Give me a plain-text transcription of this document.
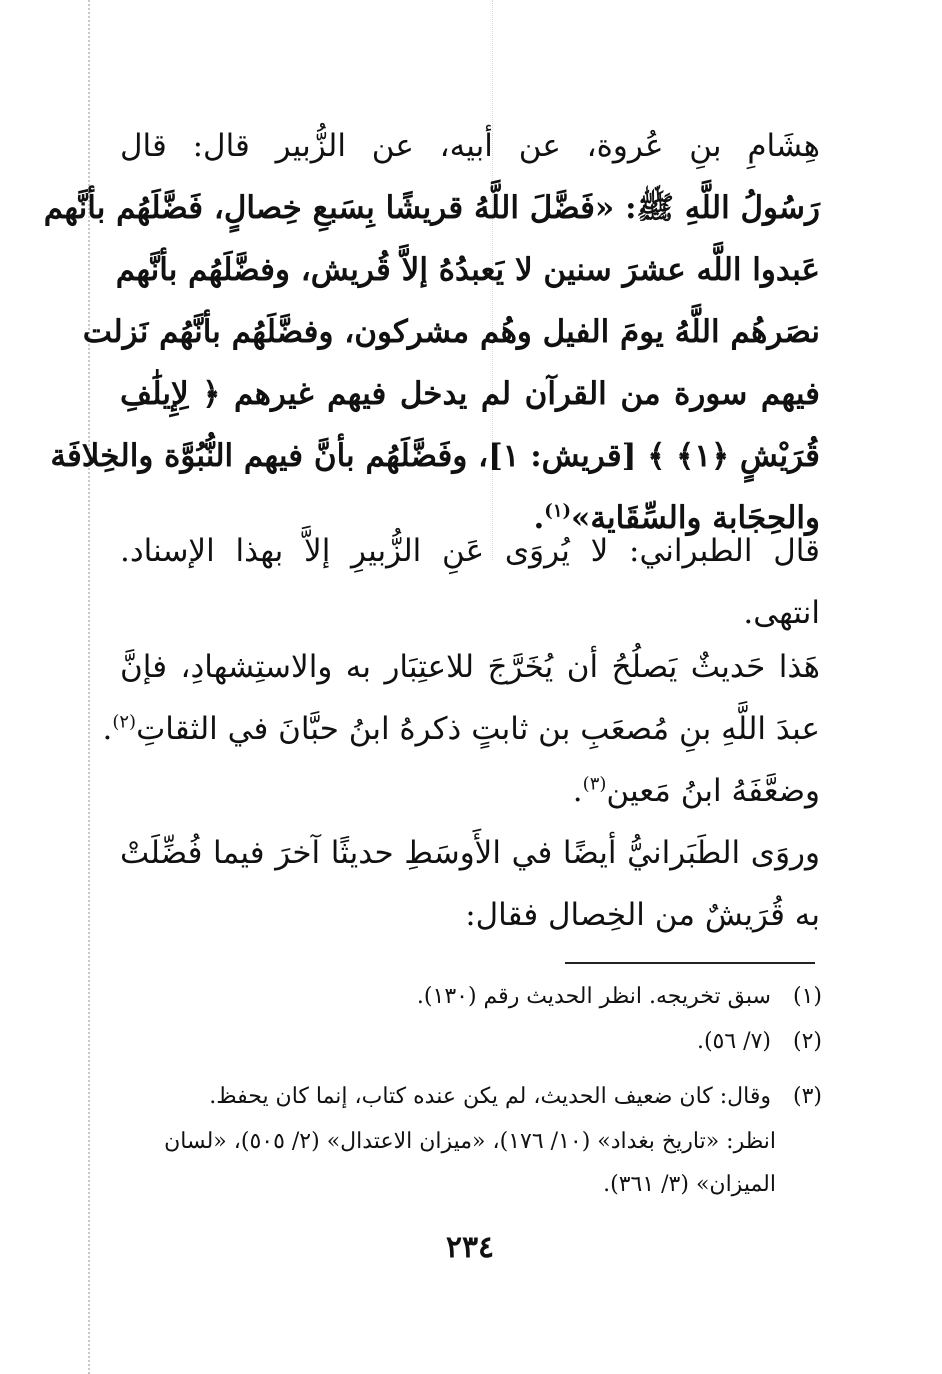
هِشَامِ بنِ عُروة، عن أبيه، عن الزُّبير قال: قال
رَسُولُ اللَّهِ ﷺ: «فَضَّلَ اللَّهُ قريشًا بِسَبعِ خِصالٍ، فَضَّلَهُم بأنَّهم
عَبدوا اللَّه عشرَ سنين لا يَعبدُهُ إلاَّ قُريش، وفضَّلَهُم بأنَّهم
نصَرهُم اللَّهُ يومَ الفيل وهُم مشركون، وفضَّلَهُم بأنَّهُم نَزلت
فيهم سورة من القرآن لم يدخل فيهم غيرهم ﴿ لِإِيلَٰفِ
قُرَيْشٍ ﴿١﴾ ﴾ [قريش: ١]، وفَضَّلَهُم بأنَّ فيهم النُّبُوَّة والخِلافَة
والحِجَابة والسِّقَاية»$^{(١)}$.
قال الطبراني: لا يُروَى عَنِ الزُّبيرِ إلاَّ بهذا الإسناد.
انتهى.
هَذا حَديثٌ يَصلُحُ أن يُخَرَّجَ للاعتِبَار به والاستِشهادِ، فإنَّ
عبدَ اللَّهِ بنِ مُصعَبِ بن ثابتٍ ذكرهُ ابنُ حبَّانَ في الثقاتِ$^{(٢)}$.
وضعَّفَهُ ابنُ مَعين$^{(٣)}$.
وروَى الطَبَرانيُّ أيضًا في الأَوسَطِ حديثًا آخرَ فيما فُضِّلَتْ
به قُرَيشٌ من الخِصال فقال:
(١) سبق تخريجه. انظر الحديث رقم (١٣٠).
(٢) (٧/ ٥٦).
(٣) وقال: كان ضعيف الحديث، لم يكن عنده كتاب، إنما كان يحفظ.
انظر: «تاريخ بغداد» (١٠/ ١٧٦)، «ميزان الاعتدال» (٢/ ٥٠٥)، «لسان
الميزان» (٣/ ٣٦١).
٢٣٤
